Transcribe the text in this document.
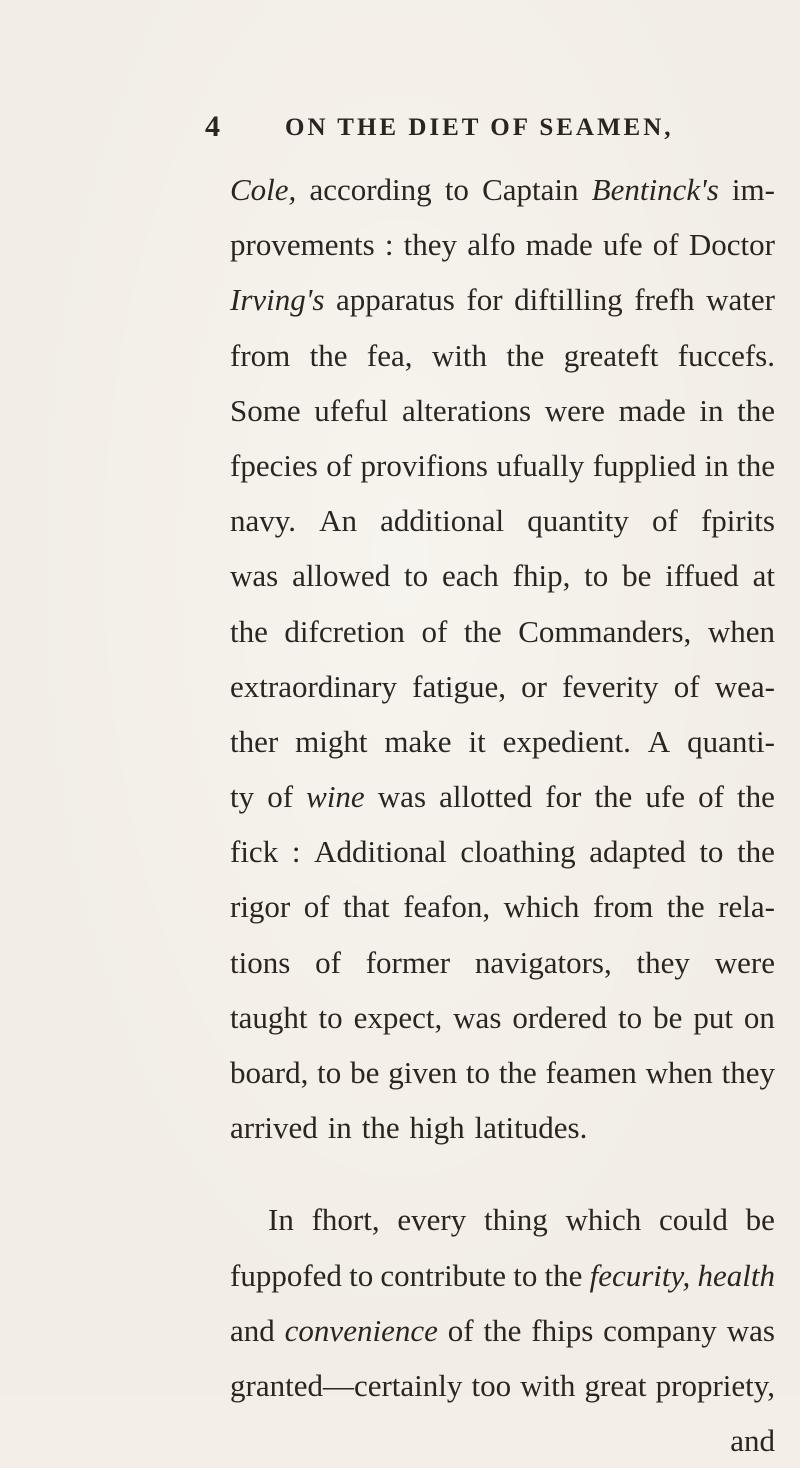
4	ON THE DIET OF SEAMEN,
Cole, according to Captain Bentinck's im-
provements : they alfo made ufe of Doctor
Irving's apparatus for diftilling frefh water
from the fea, with the greateft fuccefs.
Some ufeful alterations were made in the
fpecies of provifions ufually fupplied in the
navy. An additional quantity of fpirits
was allowed to each fhip, to be iffued at
the difcretion of the Commanders, when
extraordinary fatigue, or feverity of wea-
ther might make it expedient. A quanti-
ty of wine was allotted for the ufe of the
fick : Additional cloathing adapted to the
rigor of that feafon, which from the rela-
tions of former navigators, they were
taught to expect, was ordered to be put on
board, to be given to the feamen when they
arrived in the high latitudes.
In fhort, every thing which could be
fuppofed to contribute to the fecurity, health
and convenience of the fhips company was
granted—certainly too with great propriety,
and
